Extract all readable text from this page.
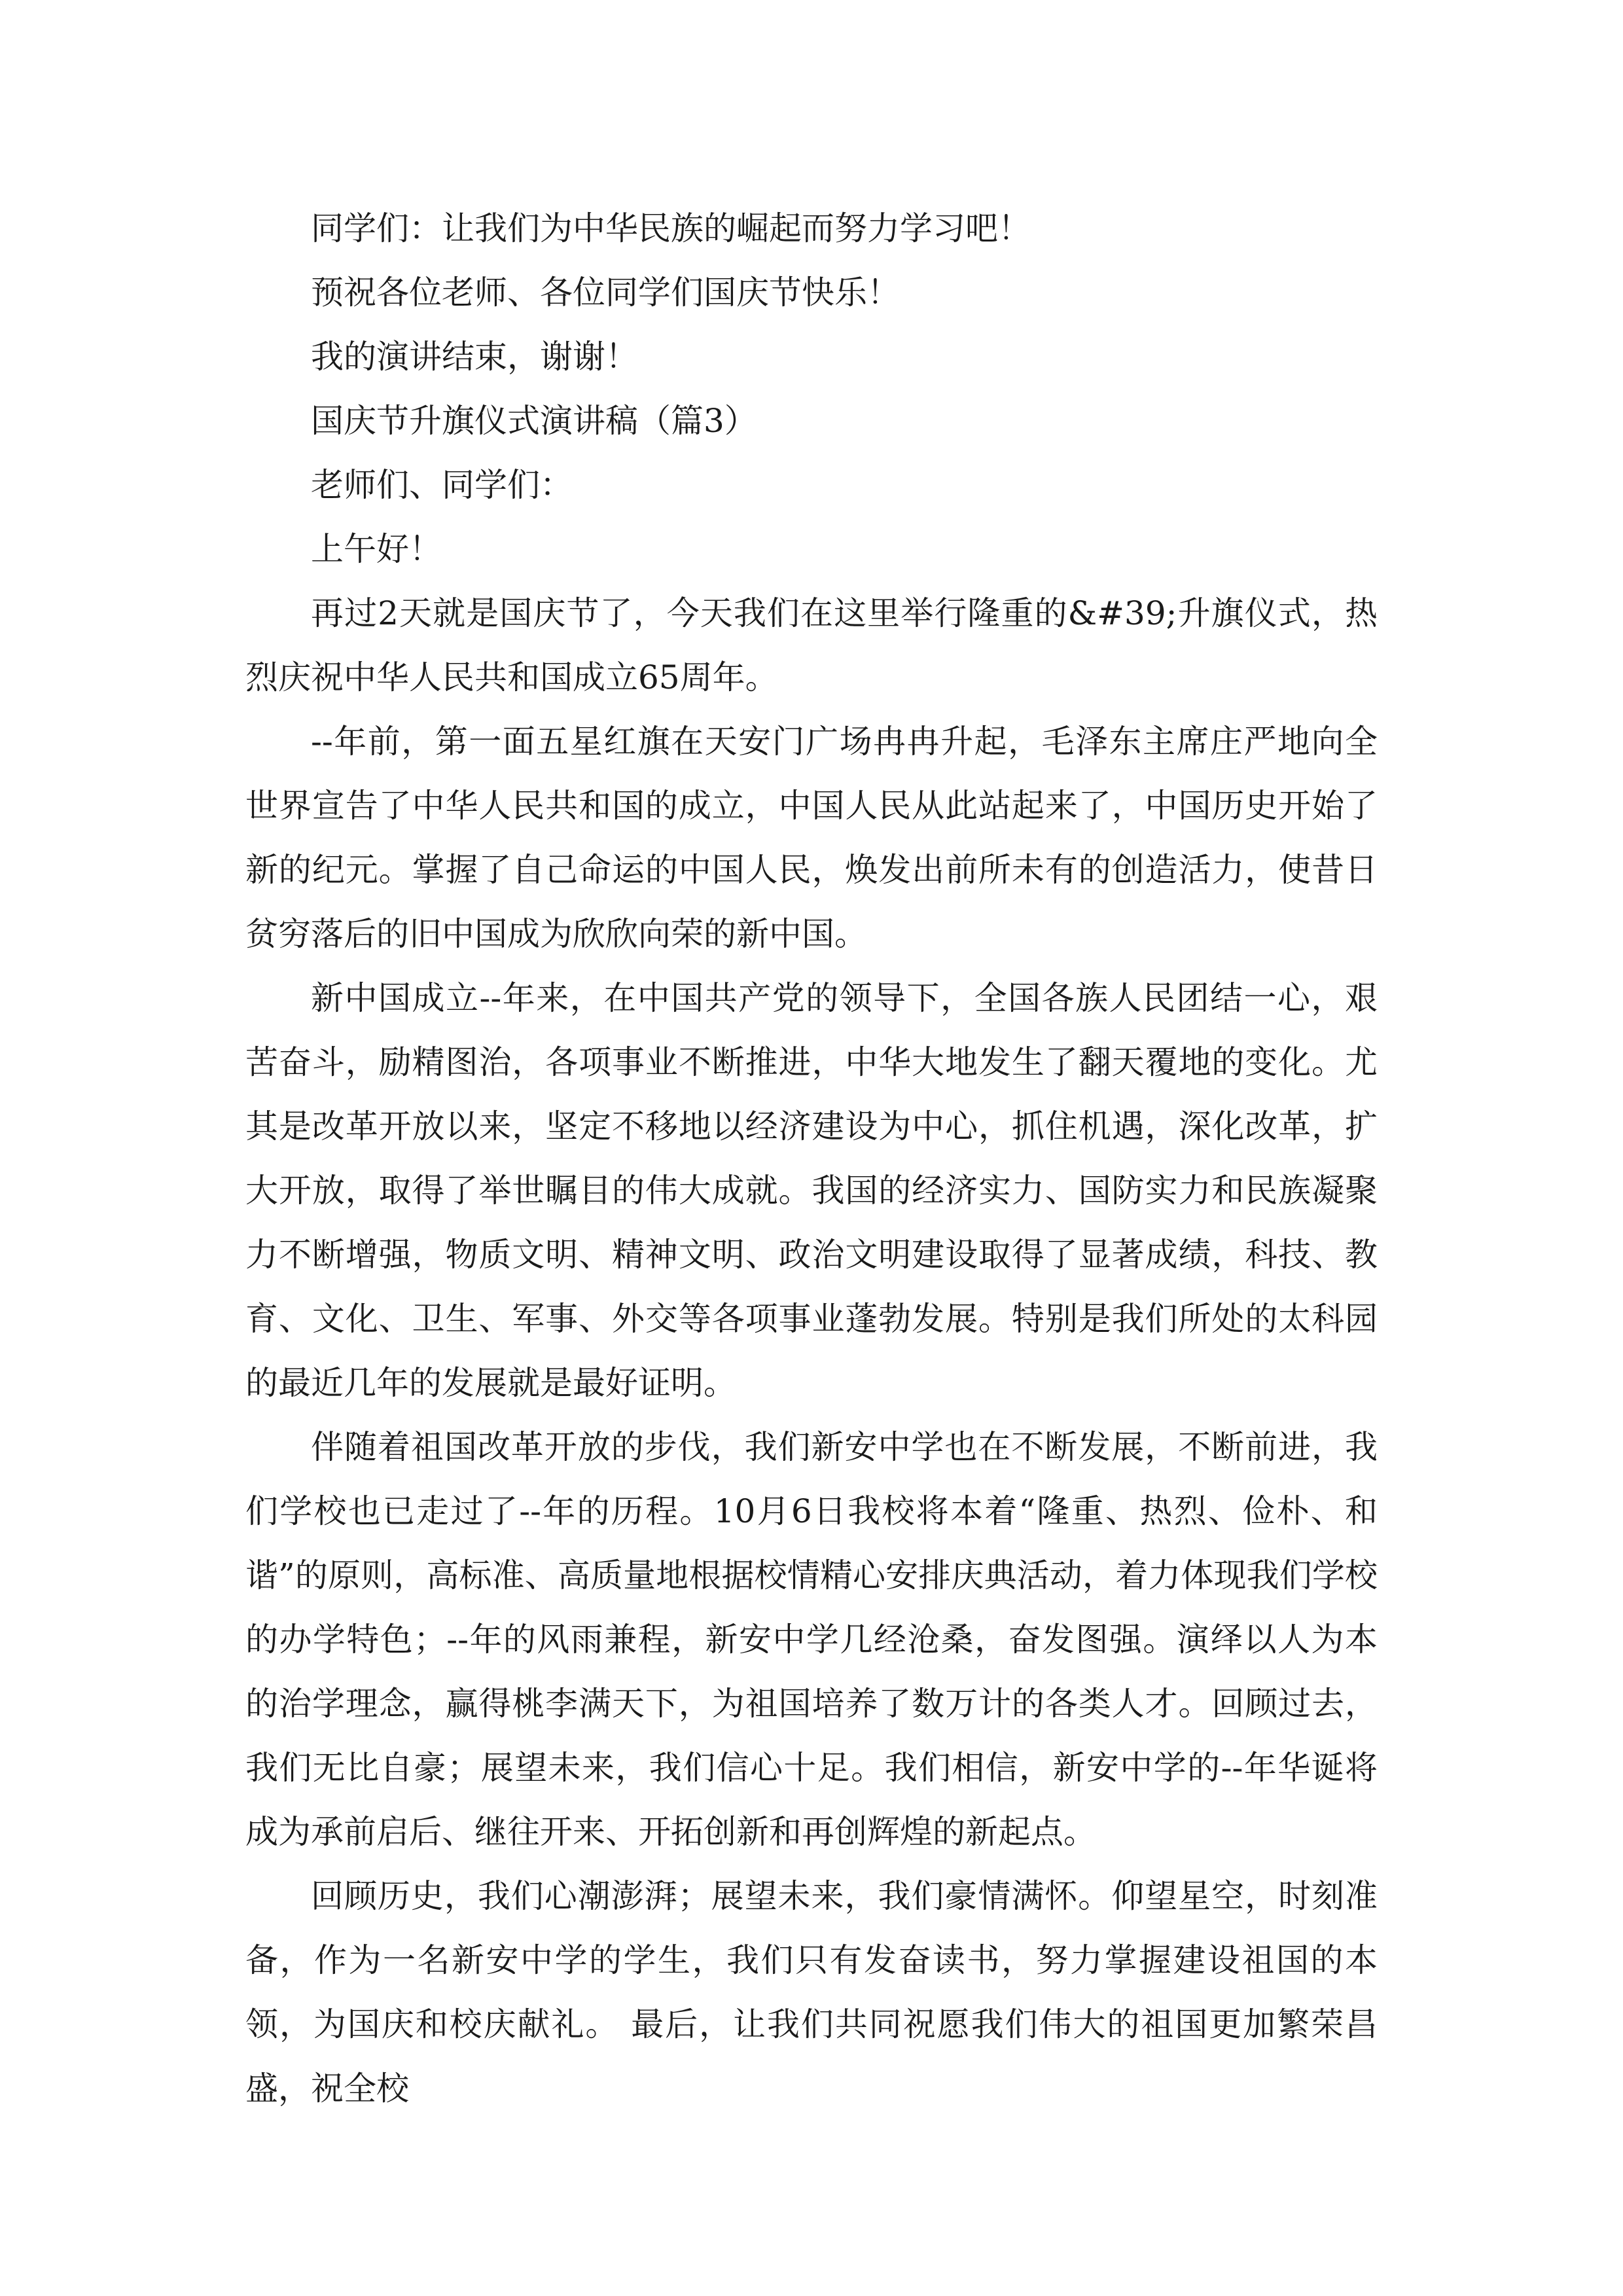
同学们：让我们为中华民族的崛起而努力学习吧！

预祝各位老师、各位同学们国庆节快乐！

我的演讲结束，谢谢！

国庆节升旗仪式演讲稿（篇3）

老师们、同学们：

上午好！

再过2天就是国庆节了，今天我们在这里举行隆重的&#39;升旗仪式，热烈庆祝中华人民共和国成立65周年。

--年前，第一面五星红旗在天安门广场冉冉升起，毛泽东主席庄严地向全世界宣告了中华人民共和国的成立，中国人民从此站起来了，中国历史开始了新的纪元。掌握了自己命运的中国人民，焕发出前所未有的创造活力，使昔日贫穷落后的旧中国成为欣欣向荣的新中国。

新中国成立--年来，在中国共产党的领导下，全国各族人民团结一心，艰苦奋斗，励精图治，各项事业不断推进，中华大地发生了翻天覆地的变化。尤其是改革开放以来，坚定不移地以经济建设为中心，抓住机遇，深化改革，扩大开放，取得了举世瞩目的伟大成就。我国的经济实力、国防实力和民族凝聚力不断增强，物质文明、精神文明、政治文明建设取得了显著成绩，科技、教育、文化、卫生、军事、外交等各项事业蓬勃发展。特别是我们所处的太科园的最近几年的发展就是最好证明。

伴随着祖国改革开放的步伐，我们新安中学也在不断发展，不断前进，我们学校也已走过了--年的历程。10月6日我校将本着“隆重、热烈、俭朴、和谐”的原则，高标准、高质量地根据校情精心安排庆典活动，着力体现我们学校的办学特色；--年的风雨兼程，新安中学几经沧桑，奋发图强。演绎以人为本的治学理念，赢得桃李满天下，为祖国培养了数万计的各类人才。回顾过去，我们无比自豪；展望未来，我们信心十足。我们相信，新安中学的--年华诞将成为承前启后、继往开来、开拓创新和再创辉煌的新起点。

回顾历史，我们心潮澎湃；展望未来，我们豪情满怀。仰望星空，时刻准备，作为一名新安中学的学生，我们只有发奋读书，努力掌握建设祖国的本领，为国庆和校庆献礼。 最后，让我们共同祝愿我们伟大的祖国更加繁荣昌盛，祝全校
